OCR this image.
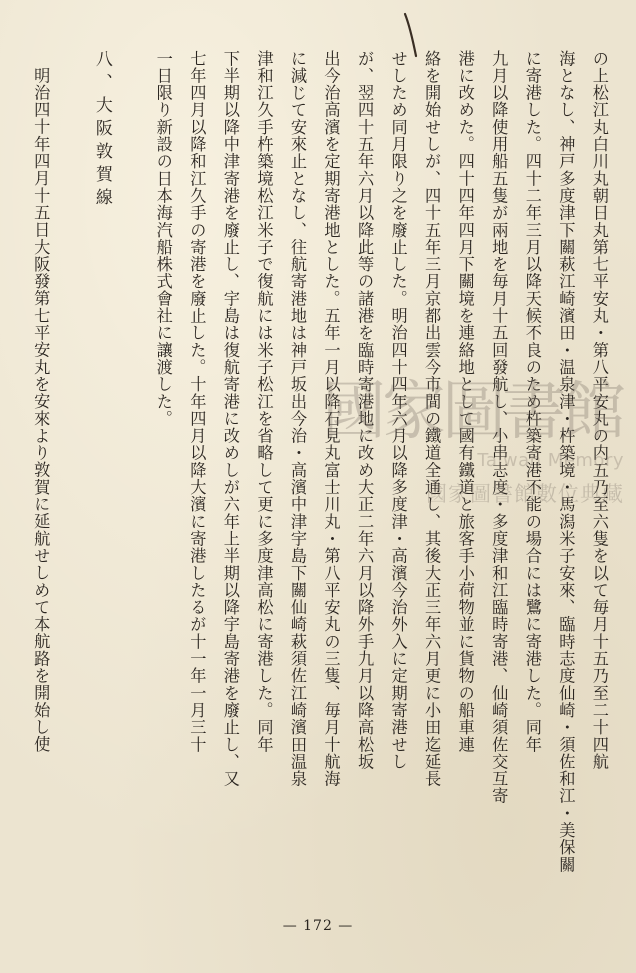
の上松江丸白川丸朝日丸第七平安丸・第八平安丸の内五乃至六隻を以て毎月十五乃至二十四航
海となし、神戸多度津下關萩江崎濱田・温泉津・杵築境・馬潟米子安來、臨時志度仙崎・須佐和江・美保關
に寄港した。四十二年三月以降天候不良のため杵築寄港不能の場合には鷺に寄港した。同年
九月以降使用船五隻が兩地を毎月十五回發航し、小串志度・多度津和江臨時寄港、仙崎須佐交互寄
港に改めた。四十四年四月下關境を連絡地として國有鐵道と旅客手小荷物並に貨物の船車連
絡を開始せしが、四十五年三月京都出雲今市間の鐵道全通し、其後大正三年六月更に小田迄延長
せしため同月限り之を廢止した。明治四十四年六月以降多度津・高濱今治外入に定期寄港せし
が、翌四十五年六月以降此等の諸港を臨時寄港地に改め大正二年六月以降外手九月以降高松坂
出今治高濱を定期寄港地とした。五年一月以降石見丸富士川丸・第八平安丸の三隻、毎月十航海
に減じて安來止となし、往航寄港地は神戸坂出今治・高濱中津宇島下關仙崎萩須佐江崎濱田温泉
津和江久手杵築境松江米子で復航には米子松江を省略して更に多度津高松に寄港した。同年
下半期以降中津寄港を廢止し、宇島は復航寄港に改めしが六年上半期以降宇島寄港を廢止し、又
七年四月以降和江久手の寄港を廢止した。十年四月以降大濱に寄港したるが十一年一月三十
一日限り新設の日本海汽船株式會社に讓渡した。
八、大阪敦賀線
明治四十年四月十五日大阪發第七平安丸を安來より敦賀に延航せしめて本航路を開始し使
— 172 —
國家圖書館
Taiwan Memory
國家圖書館數位典藏
